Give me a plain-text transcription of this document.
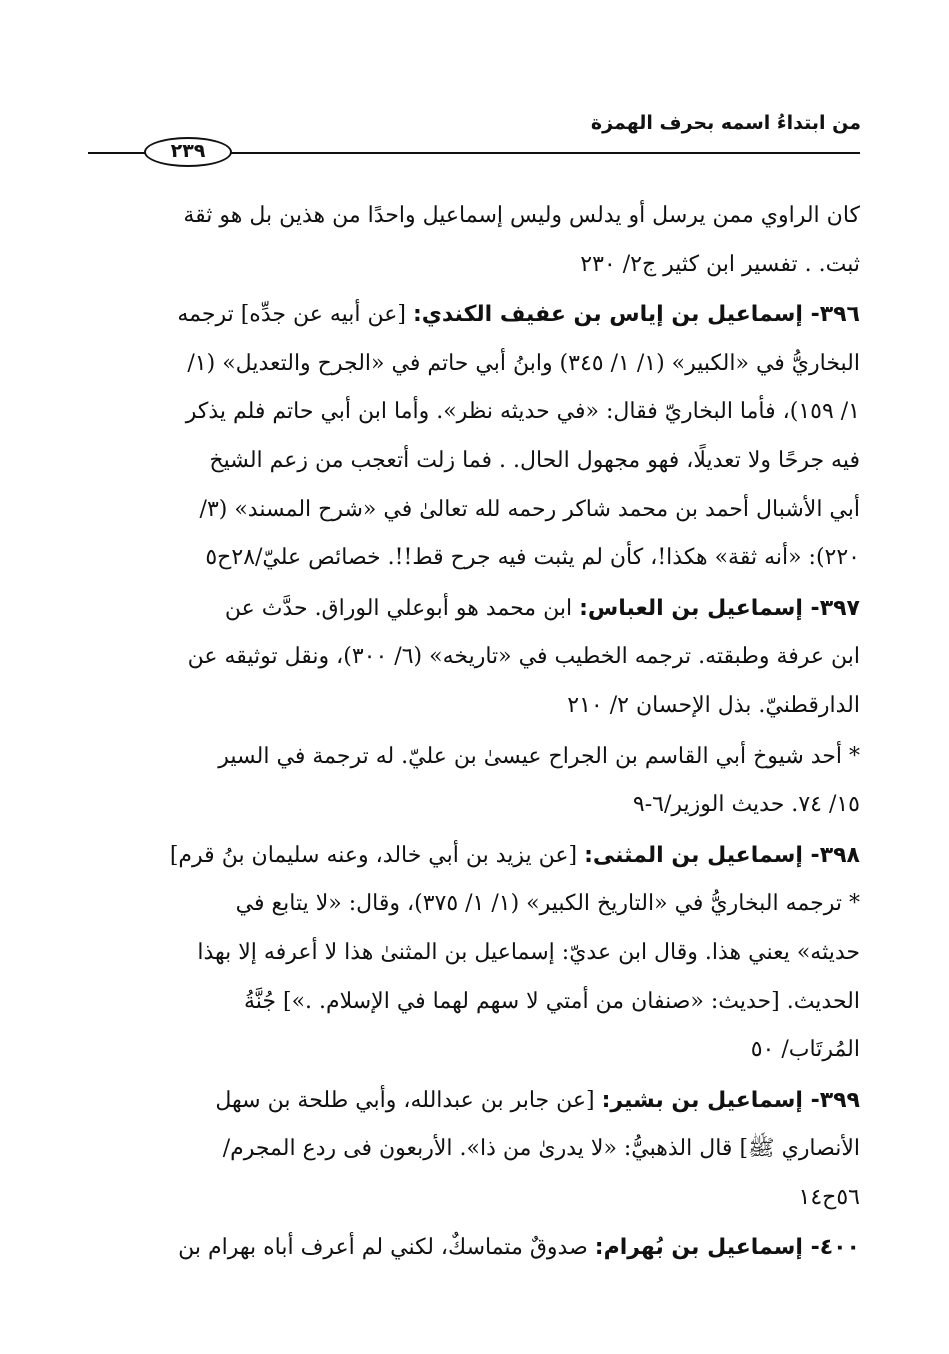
من ابتداءُ اسمه بحرف الهمزة
٢٣٩

كان الراوي ممن يرسل أو يدلس وليس إسماعيل واحدًا من هذين بل هو ثقة
ثبت. . تفسير ابن كثير ج٢/ ٢٣٠

٣٩٦- إسماعيل بن إياس بن عفيف الكندي: [عن أبيه عن جدِّه] ترجمه
البخاريُّ في «الكبير» (١/ ١/ ٣٤٥) وابنُ أبي حاتم في «الجرح والتعديل» (١/
١/ ١٥٩)، فأما البخاريّ فقال: «في حديثه نظر». وأما ابن أبي حاتم فلم يذكر
فيه جرحًا ولا تعديلًا، فهو مجهول الحال. . فما زلت أتعجب من زعم الشيخ
أبي الأشبال أحمد بن محمد شاكر رحمه لله تعالىٰ في «شرح المسند» (٣/
٢٢٠): «أنه ثقة» هكذا!، كأن لم يثبت فيه جرح قط!!. خصائص عليّ/٢٨ح٥

٣٩٧- إسماعيل بن العباس: ابن محمد هو أبوعلي الوراق. حدَّث عن
ابن عرفة وطبقته. ترجمه الخطيب في «تاريخه» (٦/ ٣٠٠)، ونقل توثيقه عن
الدارقطنيّ. بذل الإحسان ٢/ ٢١٠

* أحد شيوخ أبي القاسم بن الجراح عيسىٰ بن عليّ. له ترجمة في السير
١٥/ ٧٤. حديث الوزير/٦-٩

٣٩٨- إسماعيل بن المثنى: [عن يزيد بن أبي خالد، وعنه سليمان بنُ قرم]
* ترجمه البخاريُّ في «التاريخ الكبير» (١/ ١/ ٣٧٥)، وقال: «لا يتابع في
حديثه» يعني هذا. وقال ابن عديّ: إسماعيل بن المثنىٰ هذا لا أعرفه إلا بهذا
الحديث. [حديث: «صنفان من أمتي لا سهم لهما في الإسلام. .»] جُنَّةُ
المُرتَاب/ ٥٠

٣٩٩- إسماعيل بن بشير: [عن جابر بن عبدالله، وأبي طلحة بن سهل
الأنصاري ﷺ] قال الذهبيُّ: «لا يدرىٰ من ذا». الأربعون فى ردع المجرم/
٥٦ح١٤

٤٠٠- إسماعيل بن بُهرام: صدوقٌ متماسكٌ، لكني لم أعرف أباه بهرام بن
